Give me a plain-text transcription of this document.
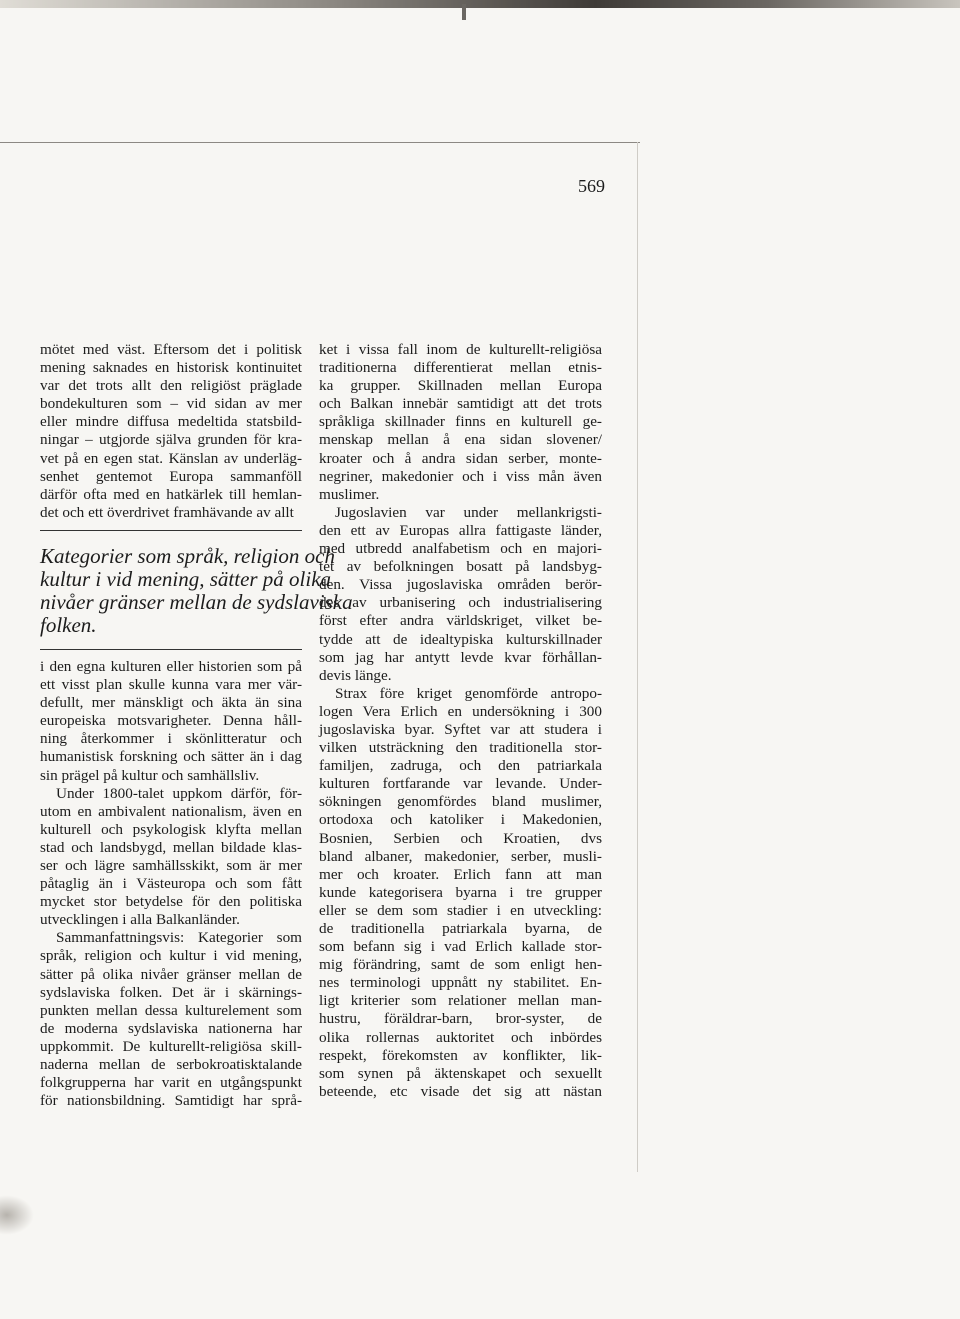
569
mötet med väst. Eftersom det i politisk
mening saknades en historisk kontinuitet
var det trots allt den religiöst präglade
bondekulturen som – vid sidan av mer
eller mindre diffusa medeltida statsbild-
ningar – utgjorde själva grunden för kra-
vet på en egen stat. Känslan av underläg-
senhet gentemot Europa sammanföll
därför ofta med en hatkärlek till hemlan-
det och ett överdrivet framhävande av allt
Kategorier som språk, religion och
kultur i vid mening, sätter på olika
nivåer gränser mellan de sydslaviska
folken.
i den egna kulturen eller historien som på
ett visst plan skulle kunna vara mer vär-
defullt, mer mänskligt och äkta än sina
europeiska motsvarigheter. Denna håll-
ning återkommer i skönlitteratur och
humanistisk forskning och sätter än i dag
sin prägel på kultur och samhällsliv.
Under 1800-talet uppkom därför, för-
utom en ambivalent nationalism, även en
kulturell och psykologisk klyfta mellan
stad och landsbygd, mellan bildade klas-
ser och lägre samhällsskikt, som är mer
påtaglig än i Västeuropa och som fått
mycket stor betydelse för den politiska
utvecklingen i alla Balkanländer.
Sammanfattningsvis: Kategorier som
språk, religion och kultur i vid mening,
sätter på olika nivåer gränser mellan de
sydslaviska folken. Det är i skärnings-
punkten mellan dessa kulturelement som
de moderna sydslaviska nationerna har
uppkommit. De kulturellt-religiösa skill-
naderna mellan de serbokroatisktalande
folkgrupperna har varit en utgångspunkt
för nationsbildning. Samtidigt har språ-
ket i vissa fall inom de kulturellt-religiösa
traditionerna differentierat mellan etnis-
ka grupper. Skillnaden mellan Europa
och Balkan innebär samtidigt att det trots
språkliga skillnader finns en kulturell ge-
menskap mellan å ena sidan slovener/
kroater och å andra sidan serber, monte-
negriner, makedonier och i viss mån även
muslimer.
Jugoslavien var under mellankrigsti-
den ett av Europas allra fattigaste länder,
med utbredd analfabetism och en majori-
tet av befolkningen bosatt på landsbyg-
den. Vissa jugoslaviska områden berör-
des av urbanisering och industrialisering
först efter andra världskriget, vilket be-
tydde att de idealtypiska kulturskillnader
som jag har antytt levde kvar förhållan-
devis länge.
Strax före kriget genomförde antropo-
logen Vera Erlich en undersökning i 300
jugoslaviska byar. Syftet var att studera i
vilken utsträckning den traditionella stor-
familjen, zadruga, och den patriarkala
kulturen fortfarande var levande. Under-
sökningen genomfördes bland muslimer,
ortodoxa och katoliker i Makedonien,
Bosnien, Serbien och Kroatien, dvs
bland albaner, makedonier, serber, musli-
mer och kroater. Erlich fann att man
kunde kategorisera byarna i tre grupper
eller se dem som stadier i en utveckling:
de traditionella patriarkala byarna, de
som befann sig i vad Erlich kallade stor-
mig förändring, samt de som enligt hen-
nes terminologi uppnått ny stabilitet. En-
ligt kriterier som relationer mellan man-
hustru, föräldrar-barn, bror-syster, de
olika rollernas auktoritet och inbördes
respekt, förekomsten av konflikter, lik-
som synen på äktenskapet och sexuellt
beteende, etc visade det sig att nästan
